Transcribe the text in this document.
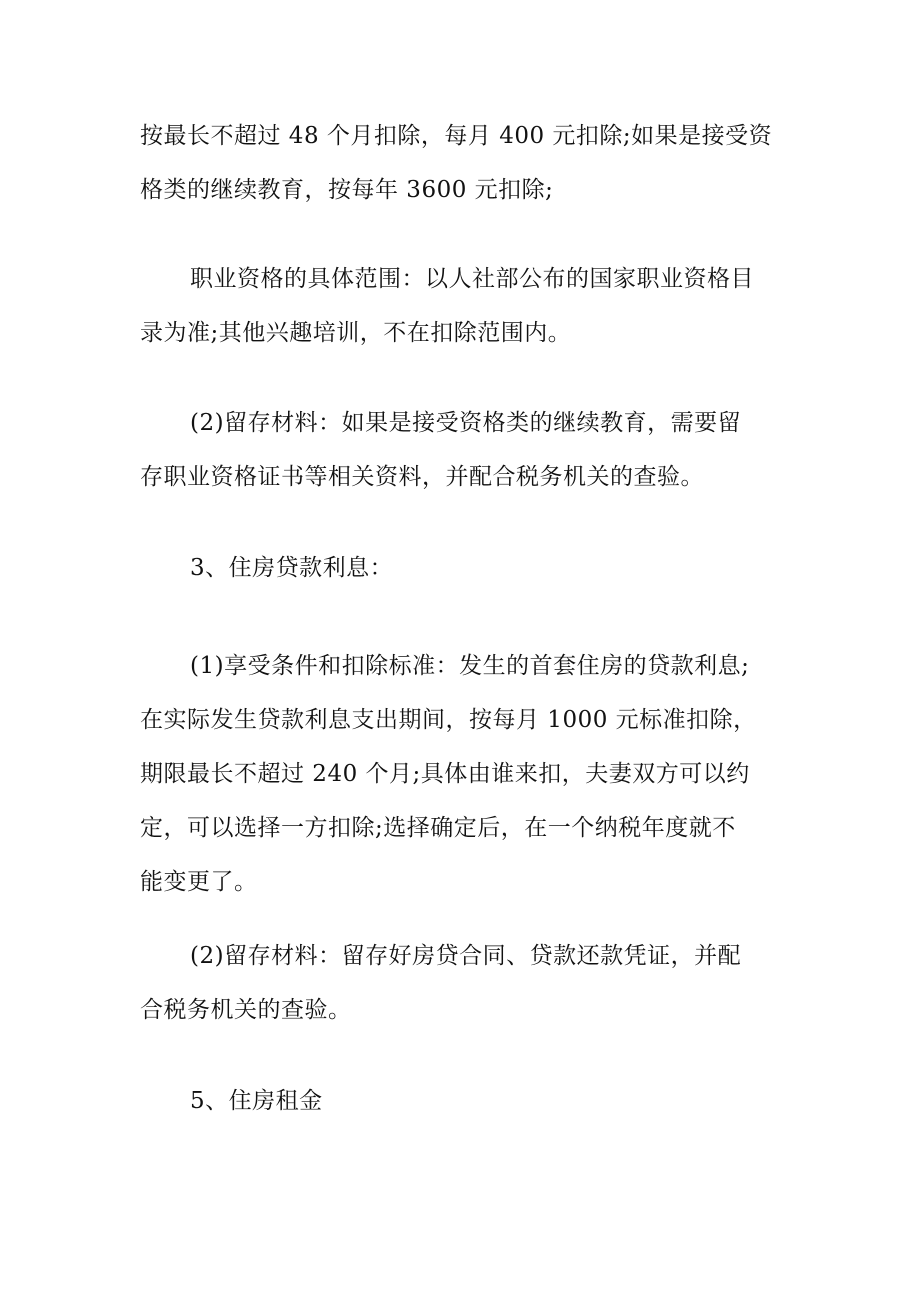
按最长不超过 48 个月扣除，每月 400 元扣除;如果是接受资
格类的继续教育，按每年 3600 元扣除;

职业资格的具体范围：以人社部公布的国家职业资格目
录为准;其他兴趣培训，不在扣除范围内。

(2)留存材料：如果是接受资格类的继续教育，需要留
存职业资格证书等相关资料，并配合税务机关的查验。

3、住房贷款利息：

(1)享受条件和扣除标准：发生的首套住房的贷款利息;
在实际发生贷款利息支出期间，按每月 1000 元标准扣除，
期限最长不超过 240 个月;具体由谁来扣，夫妻双方可以约
定，可以选择一方扣除;选择确定后，在一个纳税年度就不
能变更了。

(2)留存材料：留存好房贷合同、贷款还款凭证，并配
合税务机关的查验。

5、住房租金
